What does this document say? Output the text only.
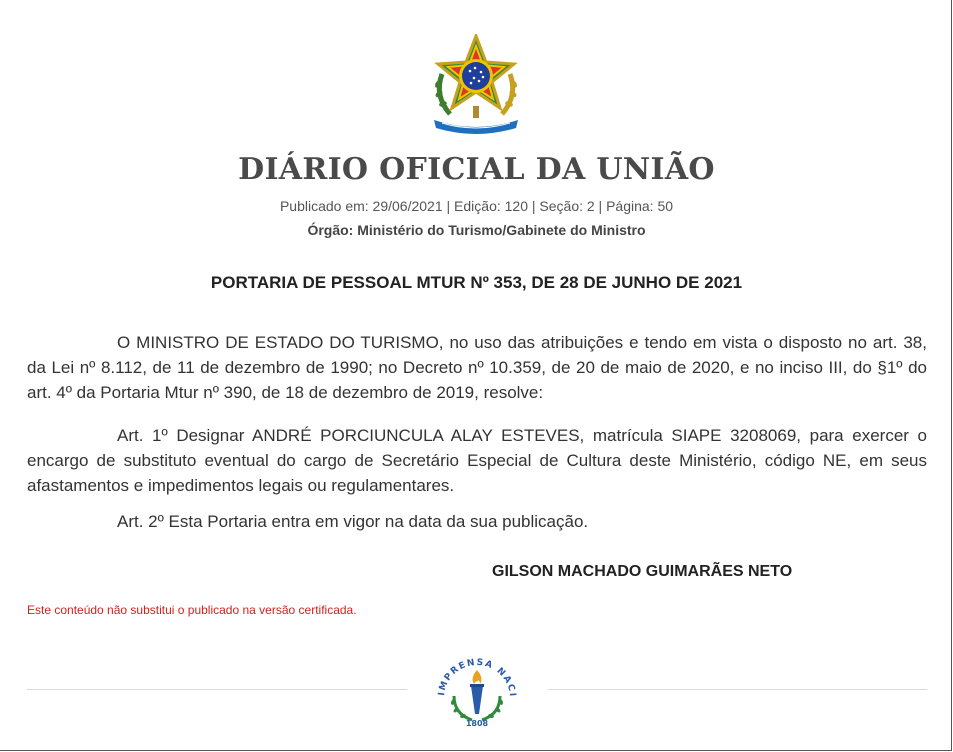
DIÁRIO OFICIAL DA UNIÃO
Publicado em: 29/06/2021 | Edição: 120 | Seção: 2 | Página: 50
Órgão: Ministério do Turismo/Gabinete do Ministro
PORTARIA DE PESSOAL MTUR Nº 353, DE 28 DE JUNHO DE 2021

O MINISTRO DE ESTADO DO TURISMO, no uso das atribuições e tendo em vista o disposto no art. 38, da Lei nº 8.112, de 11 de dezembro de 1990; no Decreto nº 10.359, de 20 de maio de 2020, e no inciso III, do §1º do art. 4º da Portaria Mtur nº 390, de 18 de dezembro de 2019, resolve:

Art. 1º Designar ANDRÉ PORCIUNCULA ALAY ESTEVES, matrícula SIAPE 3208069, para exercer o encargo de substituto eventual do cargo de Secretário Especial de Cultura deste Ministério, código NE, em seus afastamentos e impedimentos legais ou regulamentares.

Art. 2º Esta Portaria entra em vigor na data da sua publicação.

GILSON MACHADO GUIMARÃES NETO
Este conteúdo não substitui o publicado na versão certificada.
IMPRENSA NACI
1808
